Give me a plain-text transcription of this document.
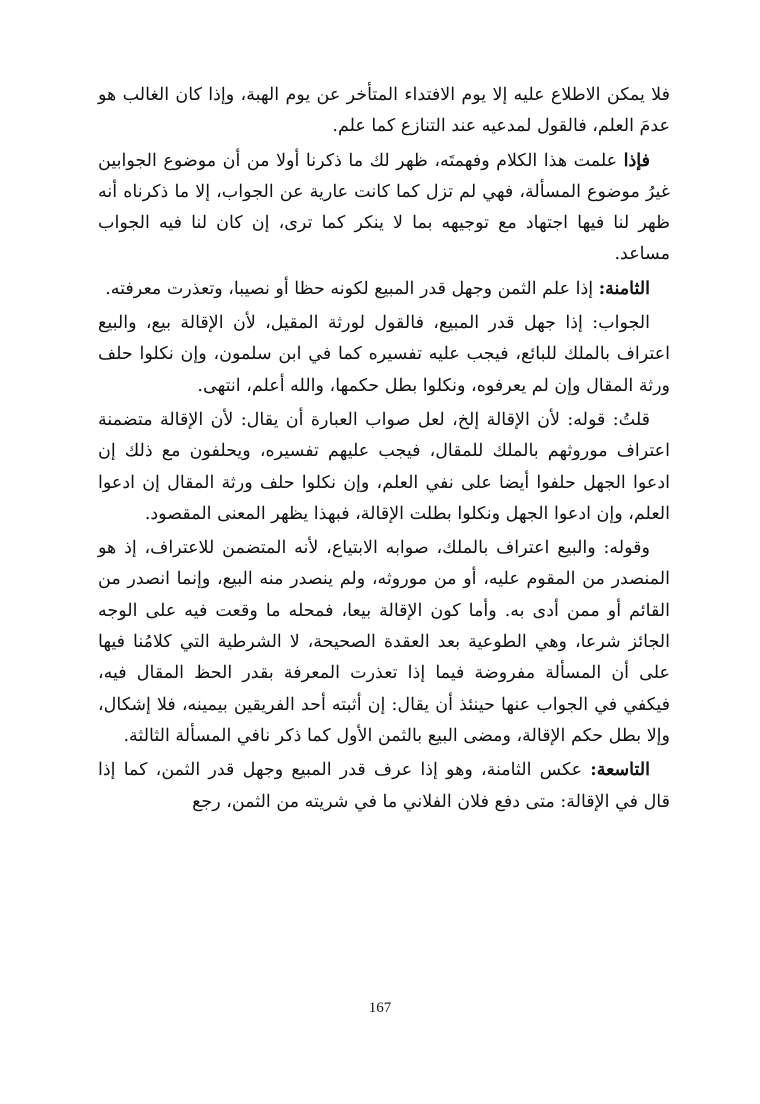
فلا يمكن الاطلاع عليه إلا يوم الافتداء المتأخر عن يوم الهبة، وإذا كان الغالب هو عدمَ العلم، فالقول لمدعيه عند التنازع كما علم.

فإذا علمت هذا الكلام وفهمتَه، ظهر لك ما ذكرنا أولا من أن موضوع الجوابين غيرُ موضوع المسألة، فهي لم تزل كما كانت عارية عن الجواب، إلا ما ذكرناه أنه ظهر لنا فيها اجتهاد مع توجيهه بما لا ينكر كما ترى، إن كان لنا فيه الجواب مساعد.

الثامنة: إذا علم الثمن وجهل قدر المبيع لكونه حظا أو نصيبا، وتعذرت معرفته.

الجواب: إذا جهل قدر المبيع، فالقول لورثة المقيل، لأن الإقالة بيع، والبيع اعتراف بالملك للبائع، فيجب عليه تفسيره كما في ابن سلمون، وإن نكلوا حلف ورثة المقال وإن لم يعرفوه، ونكلوا بطل حكمها، والله أعلم، انتهى.

قلتُ: قوله: لأن الإقالة إلخ، لعل صواب العبارة أن يقال: لأن الإقالة متضمنة اعتراف موروثهم بالملك للمقال، فيجب عليهم تفسيره، ويحلفون مع ذلك إن ادعوا الجهل حلفوا أيضا على نفي العلم، وإن نكلوا حلف ورثة المقال إن ادعوا العلم، وإن ادعوا الجهل ونكلوا بطلت الإقالة، فبهذا يظهر المعنى المقصود.

وقوله: والبيع اعتراف بالملك، صوابه الابتياع، لأنه المتضمن للاعتراف، إذ هو المنصدر من المقوم عليه، أو من موروثه، ولم ينصدر منه البيع، وإنما انصدر من القائم أو ممن أدى به. وأما كون الإقالة بيعا، فمحله ما وقعت فيه على الوجه الجائز شرعا، وهي الطوعية بعد العقدة الصحيحة، لا الشرطية التي كلامُنا فيها على أن المسألة مفروضة فيما إذا تعذرت المعرفة بقدر الحظ المقال فيه، فيكفي في الجواب عنها حينئذ أن يقال: إن أثبته أحد الفريقين بيمينه، فلا إشكال، وإلا بطل حكم الإقالة، ومضى البيع بالثمن الأول كما ذكر نافي المسألة الثالثة.

التاسعة: عكس الثامنة، وهو إذا عرف قدر المبيع وجهل قدر الثمن، كما إذا قال في الإقالة: متى دفع فلان الفلاني ما في شريته من الثمن، رجع

167
